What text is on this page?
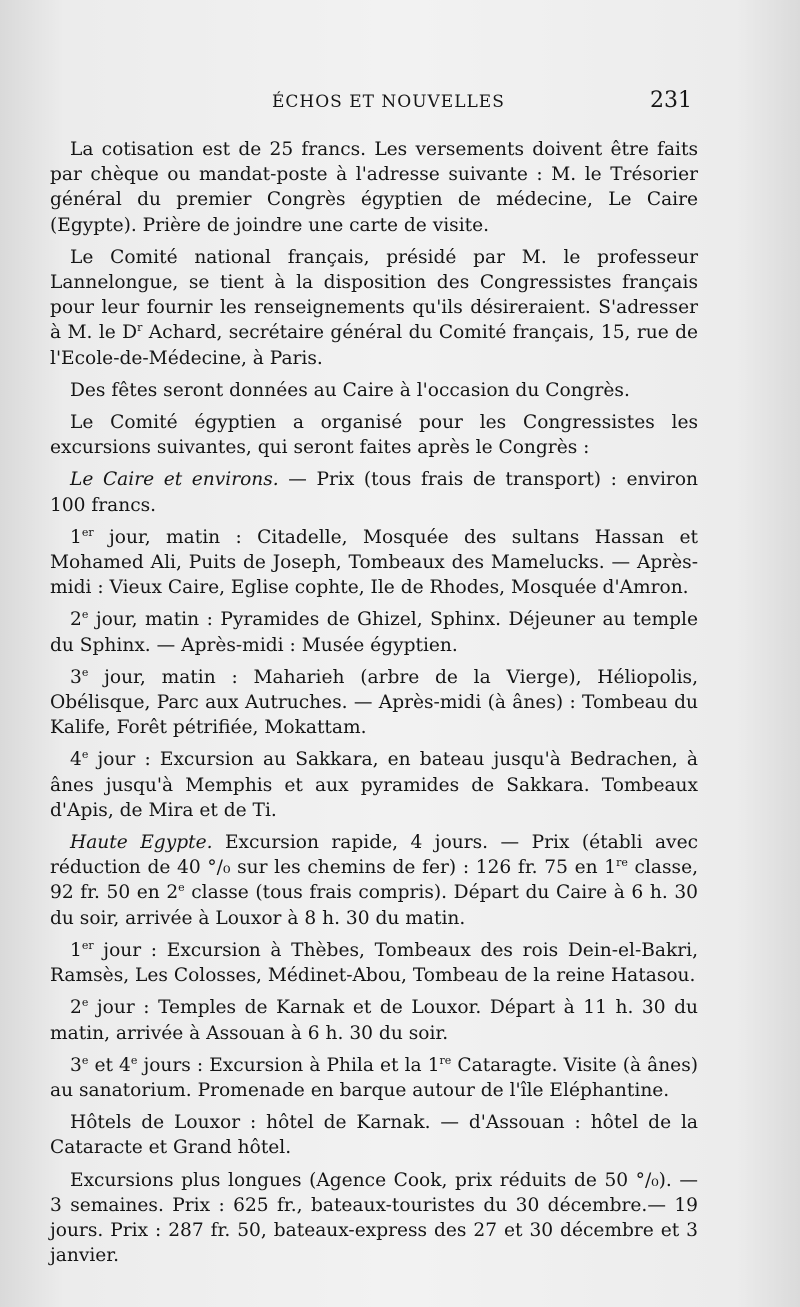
ÉCHOS ET NOUVELLES	231

La cotisation est de 25 francs. Les versements doivent être faits par chèque ou mandat-poste à l'adresse suivante : M. le Trésorier général du premier Congrès égyptien de médecine, Le Caire (Egypte). Prière de joindre une carte de visite.

Le Comité national français, présidé par M. le professeur Lannelongue, se tient à la disposition des Congressistes français pour leur fournir les renseignements qu'ils désireraient. S'adresser à M. le $D^r$ Achard, secrétaire général du Comité français, 15, rue de l'Ecole-de-Médecine, à Paris.

Des fêtes seront données au Caire à l'occasion du Congrès.

Le Comité égyptien a organisé pour les Congressistes les excursions suivantes, qui seront faites après le Congrès :

Le Caire et environs. — Prix (tous frais de transport) : environ 100 francs.

1er jour, matin : Citadelle, Mosquée des sultans Hassan et Mohamed Ali, Puits de Joseph, Tombeaux des Mamelucks. — Après-midi : Vieux Caire, Eglise cophte, Ile de Rhodes, Mosquée d'Amron.

2e jour, matin : Pyramides de Ghizel, Sphinx. Déjeuner au temple du Sphinx. — Après-midi : Musée égyptien.

3e jour, matin : Maharieh (arbre de la Vierge), Héliopolis, Obélisque, Parc aux Autruches. — Après-midi (à ânes) : Tombeau du Kalife, Forêt pétrifiée, Mokattam.

4e jour : Excursion au Sakkara, en bateau jusqu'à Bedrachen, à ânes jusqu'à Memphis et aux pyramides de Sakkara. Tombeaux d'Apis, de Mira et de Ti.

Haute Egypte. Excursion rapide, 4 jours. — Prix (établi avec réduction de 40 °/₀ sur les chemins de fer) : 126 fr. 75 en 1re classe, 92 fr. 50 en 2e classe (tous frais compris). Départ du Caire à 6 h. 30 du soir, arrivée à Louxor à 8 h. 30 du matin.

1er jour : Excursion à Thèbes, Tombeaux des rois Dein-el-Bakri, Ramsès, Les Colosses, Médinet-Abou, Tombeau de la reine Hatasou.

2e jour : Temples de Karnak et de Louxor. Départ à 11 h. 30 du matin, arrivée à Assouan à 6 h. 30 du soir.

3e et 4e jours : Excursion à Phila et la 1re Cataragte. Visite (à ânes) au sanatorium. Promenade en barque autour de l'île Eléphantine.

Hôtels de Louxor : hôtel de Karnak. — d'Assouan : hôtel de la Cataracte et Grand hôtel.

Excursions plus longues (Agence Cook, prix réduits de 50 °/₀). — 3 semaines. Prix : 625 fr., bateaux-touristes du 30 décembre.— 19 jours. Prix : 287 fr. 50, bateaux-express des 27 et 30 décembre et 3 janvier.
